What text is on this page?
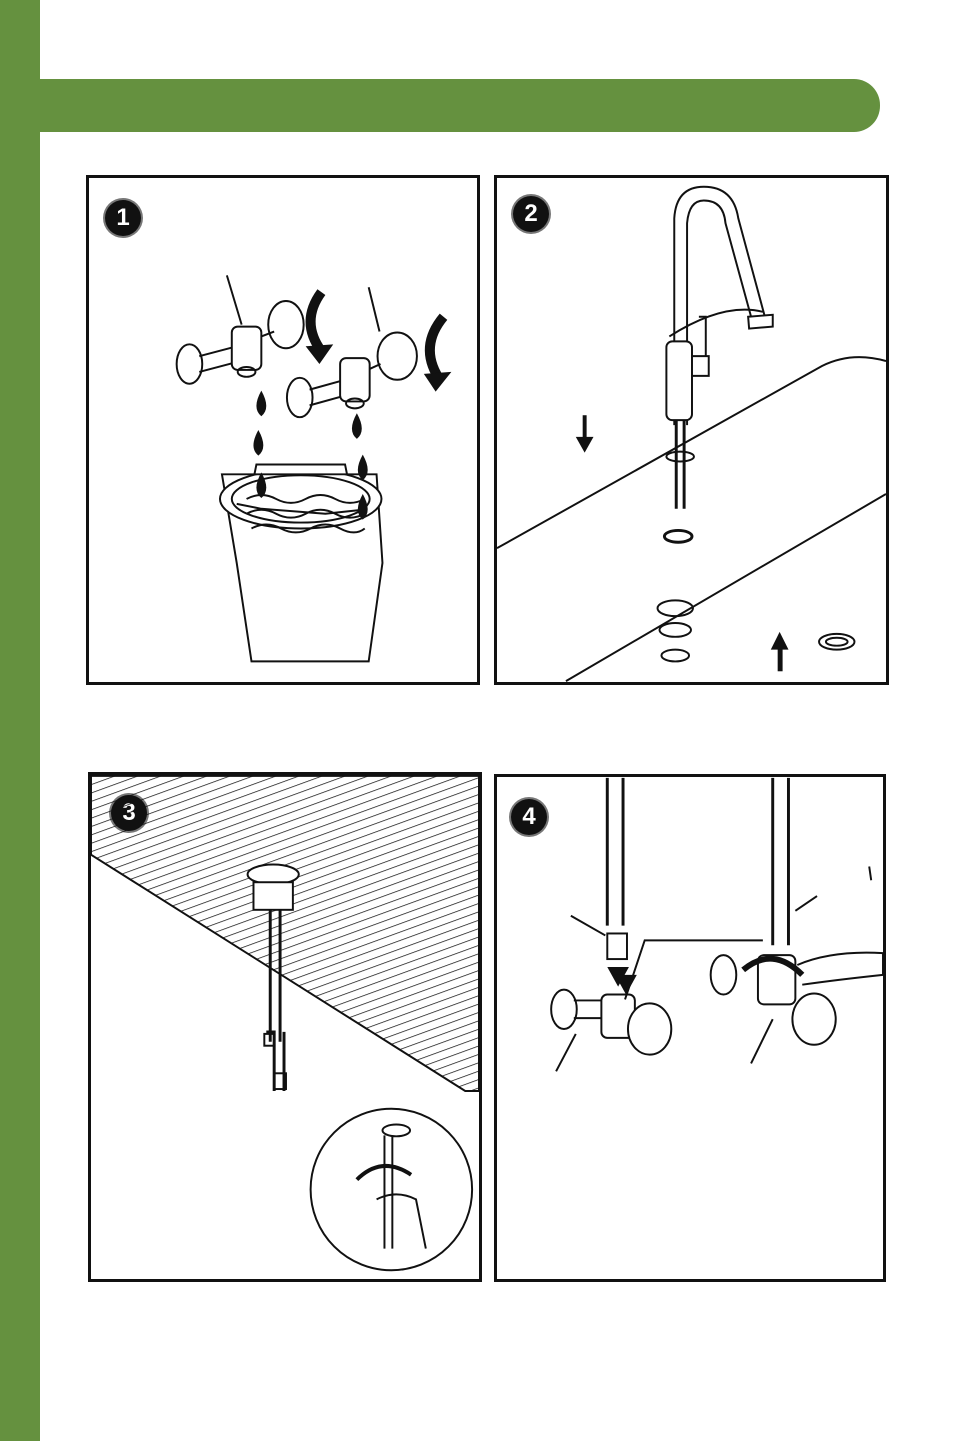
1	2
4
